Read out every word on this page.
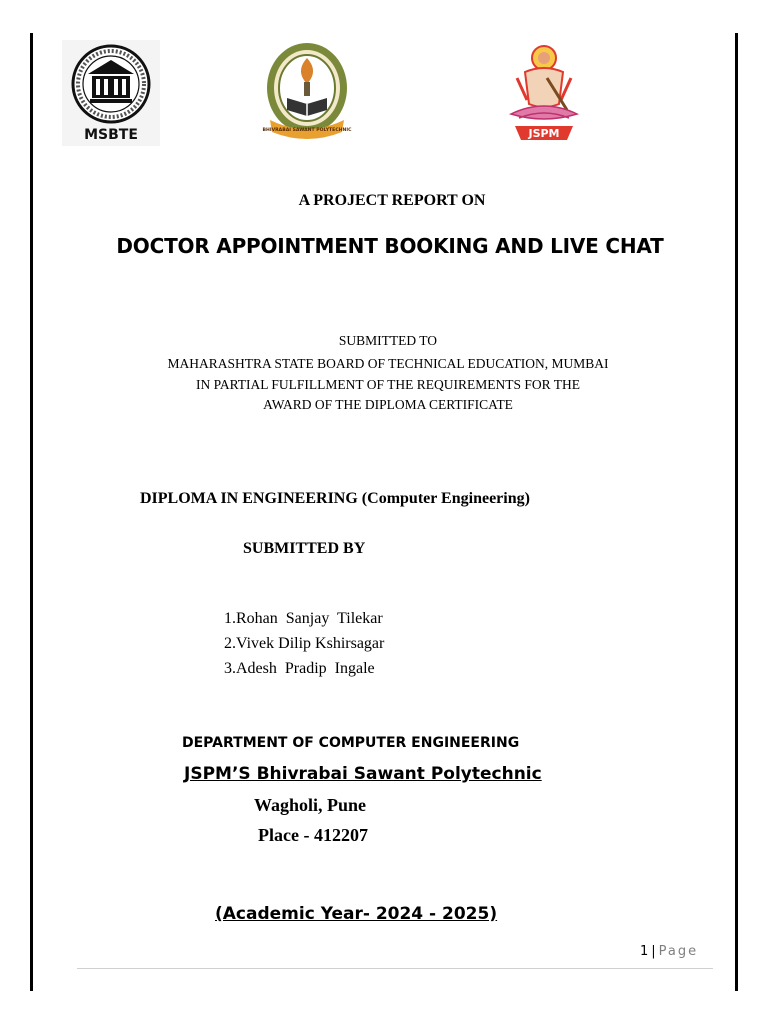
MSBTE	BHIVRABAI SAWANT POLYTECHNIC	JSPM
A PROJECT REPORT ON
DOCTOR APPOINTMENT BOOKING AND LIVE CHAT
SUBMITTED TO
MAHARASHTRA STATE BOARD OF TECHNICAL EDUCATION, MUMBAI
IN PARTIAL FULFILLMENT OF THE REQUIREMENTS FOR THE
AWARD OF THE DIPLOMA CERTIFICATE
DIPLOMA IN ENGINEERING (Computer Engineering)
SUBMITTED BY
1.Rohan  Sanjay  Tilekar
2.Vivek Dilip Kshirsagar
3.Adesh  Pradip  Ingale
DEPARTMENT OF COMPUTER ENGINEERING
JSPM’S Bhivrabai Sawant Polytechnic
Wagholi, Pune
Place - 412207
(Academic Year- 2024 - 2025)
1 | Page
